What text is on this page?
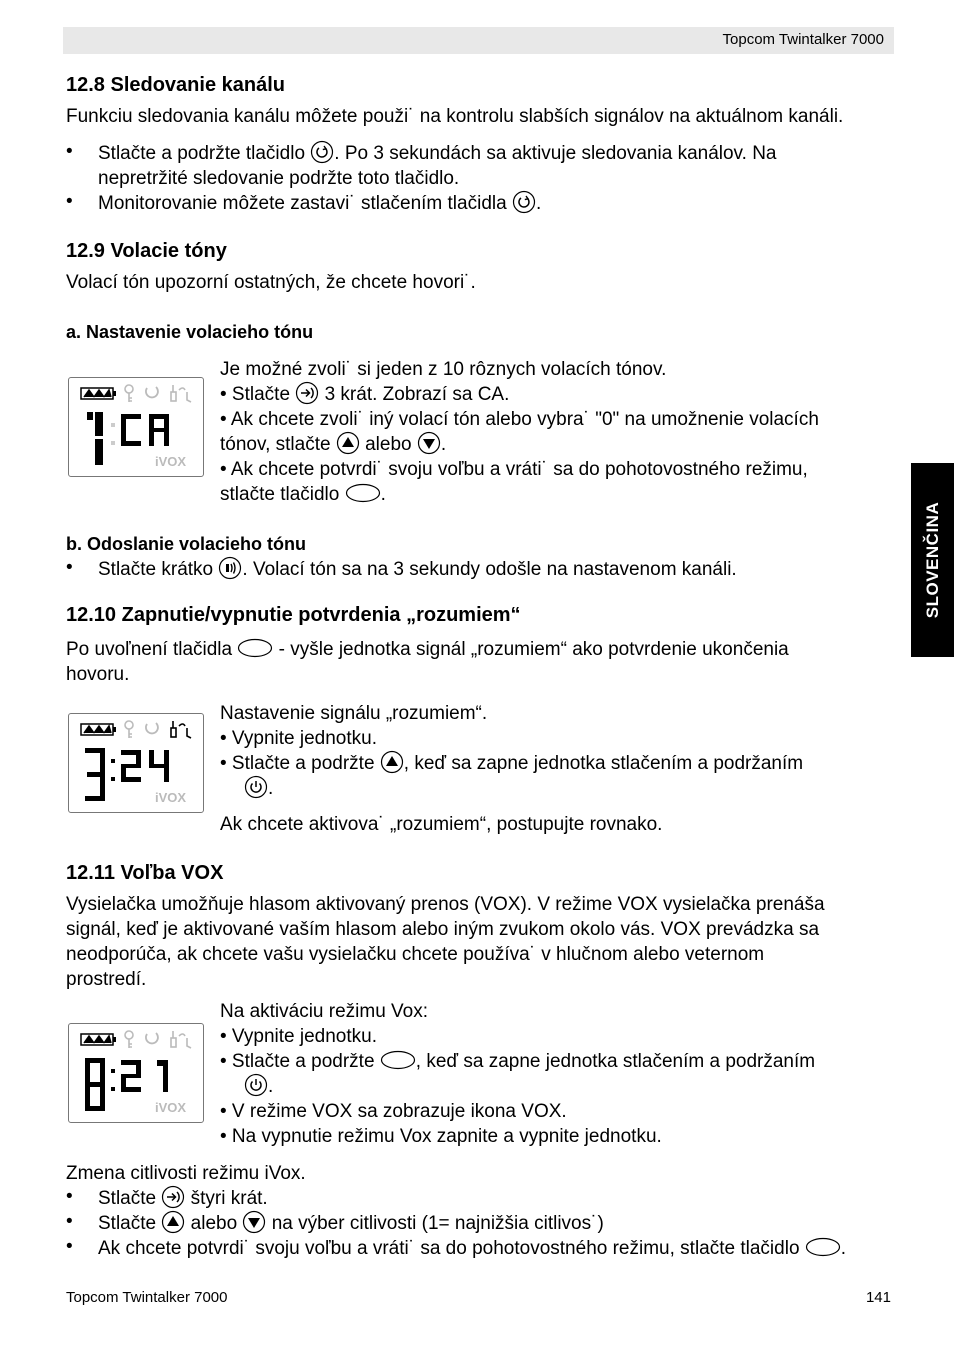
Topcom Twintalker 7000
SLOVENČINA
12.8 Sledovanie kanálu
Funkciu sledovania kanálu môžete použi˙ na kontrolu slabších signálov na aktuálnom kanáli.
• Stlačte a podržte tlačidlo
. Po 3 sekundách sa aktivuje sledovania kanálov. Na
nepretržité sledovanie podržte toto tlačidlo.
• Monitorovanie môžete zastavi˙ stlačením tlačidla
.
12.9 Volacie tóny
Volací tón upozorní ostatných, že chcete hovori˙.
a. Nastavenie volacieho tónu
iVOX
Je možné zvoli˙ si jeden z 10 rôznych volacích tónov.
• Stlačte
3 krát. Zobrazí sa CA.
• Ak chcete zvoli˙ iný volací tón alebo vybra˙ "0" na umožnenie volacích
tónov, stlačte
alebo
.
• Ak chcete potvrdi˙ svoju voľbu a vráti˙ sa do pohotovostného režimu,
stlačte tlačidlo
.
b. Odoslanie volacieho tónu
• Stlačte krátko
. Volací tón sa na 3 sekundy odošle na nastavenom kanáli.
12.10 Zapnutie/vypnutie potvrdenia „rozumiem“
Po uvoľnení tlačidla
- vyšle jednotka signál „rozumiem“ ako potvrdenie ukončenia
hovoru.
iVOX
Nastavenie signálu „rozumiem“.
• Vypnite jednotku.
• Stlačte a podržte
, keď sa zapne jednotka stlačením a podržaním
.
Ak chcete aktivova˙ „rozumiem“, postupujte rovnako.
12.11 Voľba VOX
Vysielačka umožňuje hlasom aktivovaný prenos (VOX). V režime VOX vysielačka prenáša
signál, keď je aktivované vaším hlasom alebo iným zvukom okolo vás. VOX prevádzka sa
neodporúča, ak chcete vašu vysielačku chcete používa˙ v hlučnom alebo veternom
prostredí.
iVOX
Na aktiváciu režimu Vox:
• Vypnite jednotku.
• Stlačte a podržte
, keď sa zapne jednotka stlačením a podržaním
.
• V režime VOX sa zobrazuje ikona VOX.
• Na vypnutie režimu Vox zapnite a vypnite jednotku.
Zmena citlivosti režimu iVox.
• Stlačte
štyri krát.
• Stlačte
alebo
na výber citlivosti (1= najnižšia citlivos˙)
• Ak chcete potvrdi˙ svoju voľbu a vráti˙ sa do pohotovostného režimu, stlačte tlačidlo
.
Topcom Twintalker 7000	141
